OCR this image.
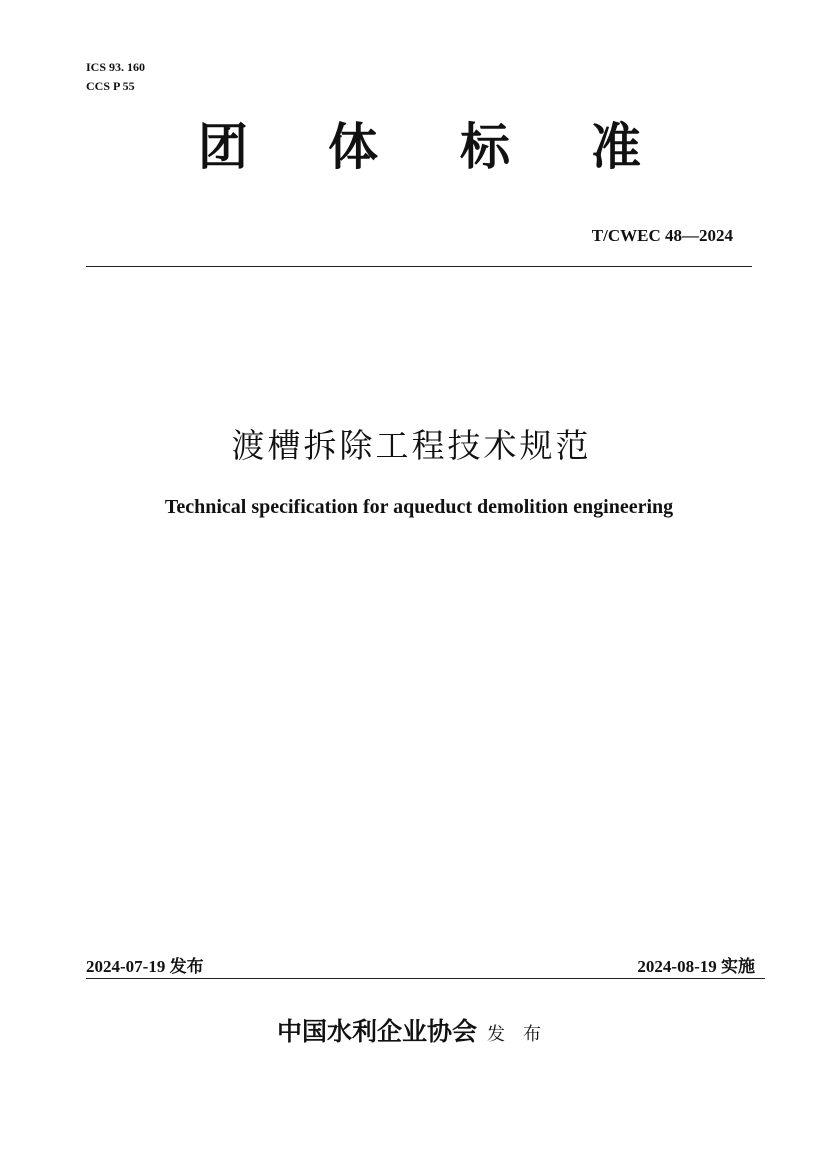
ICS 93. 160
CCS P 55
团 体 标 准
T/CWEC 48—2024
渡槽拆除工程技术规范
Technical specification for aqueduct demolition engineering
2024-07-19 发布	2024-08-19 实施
中国水利企业协会 发布
